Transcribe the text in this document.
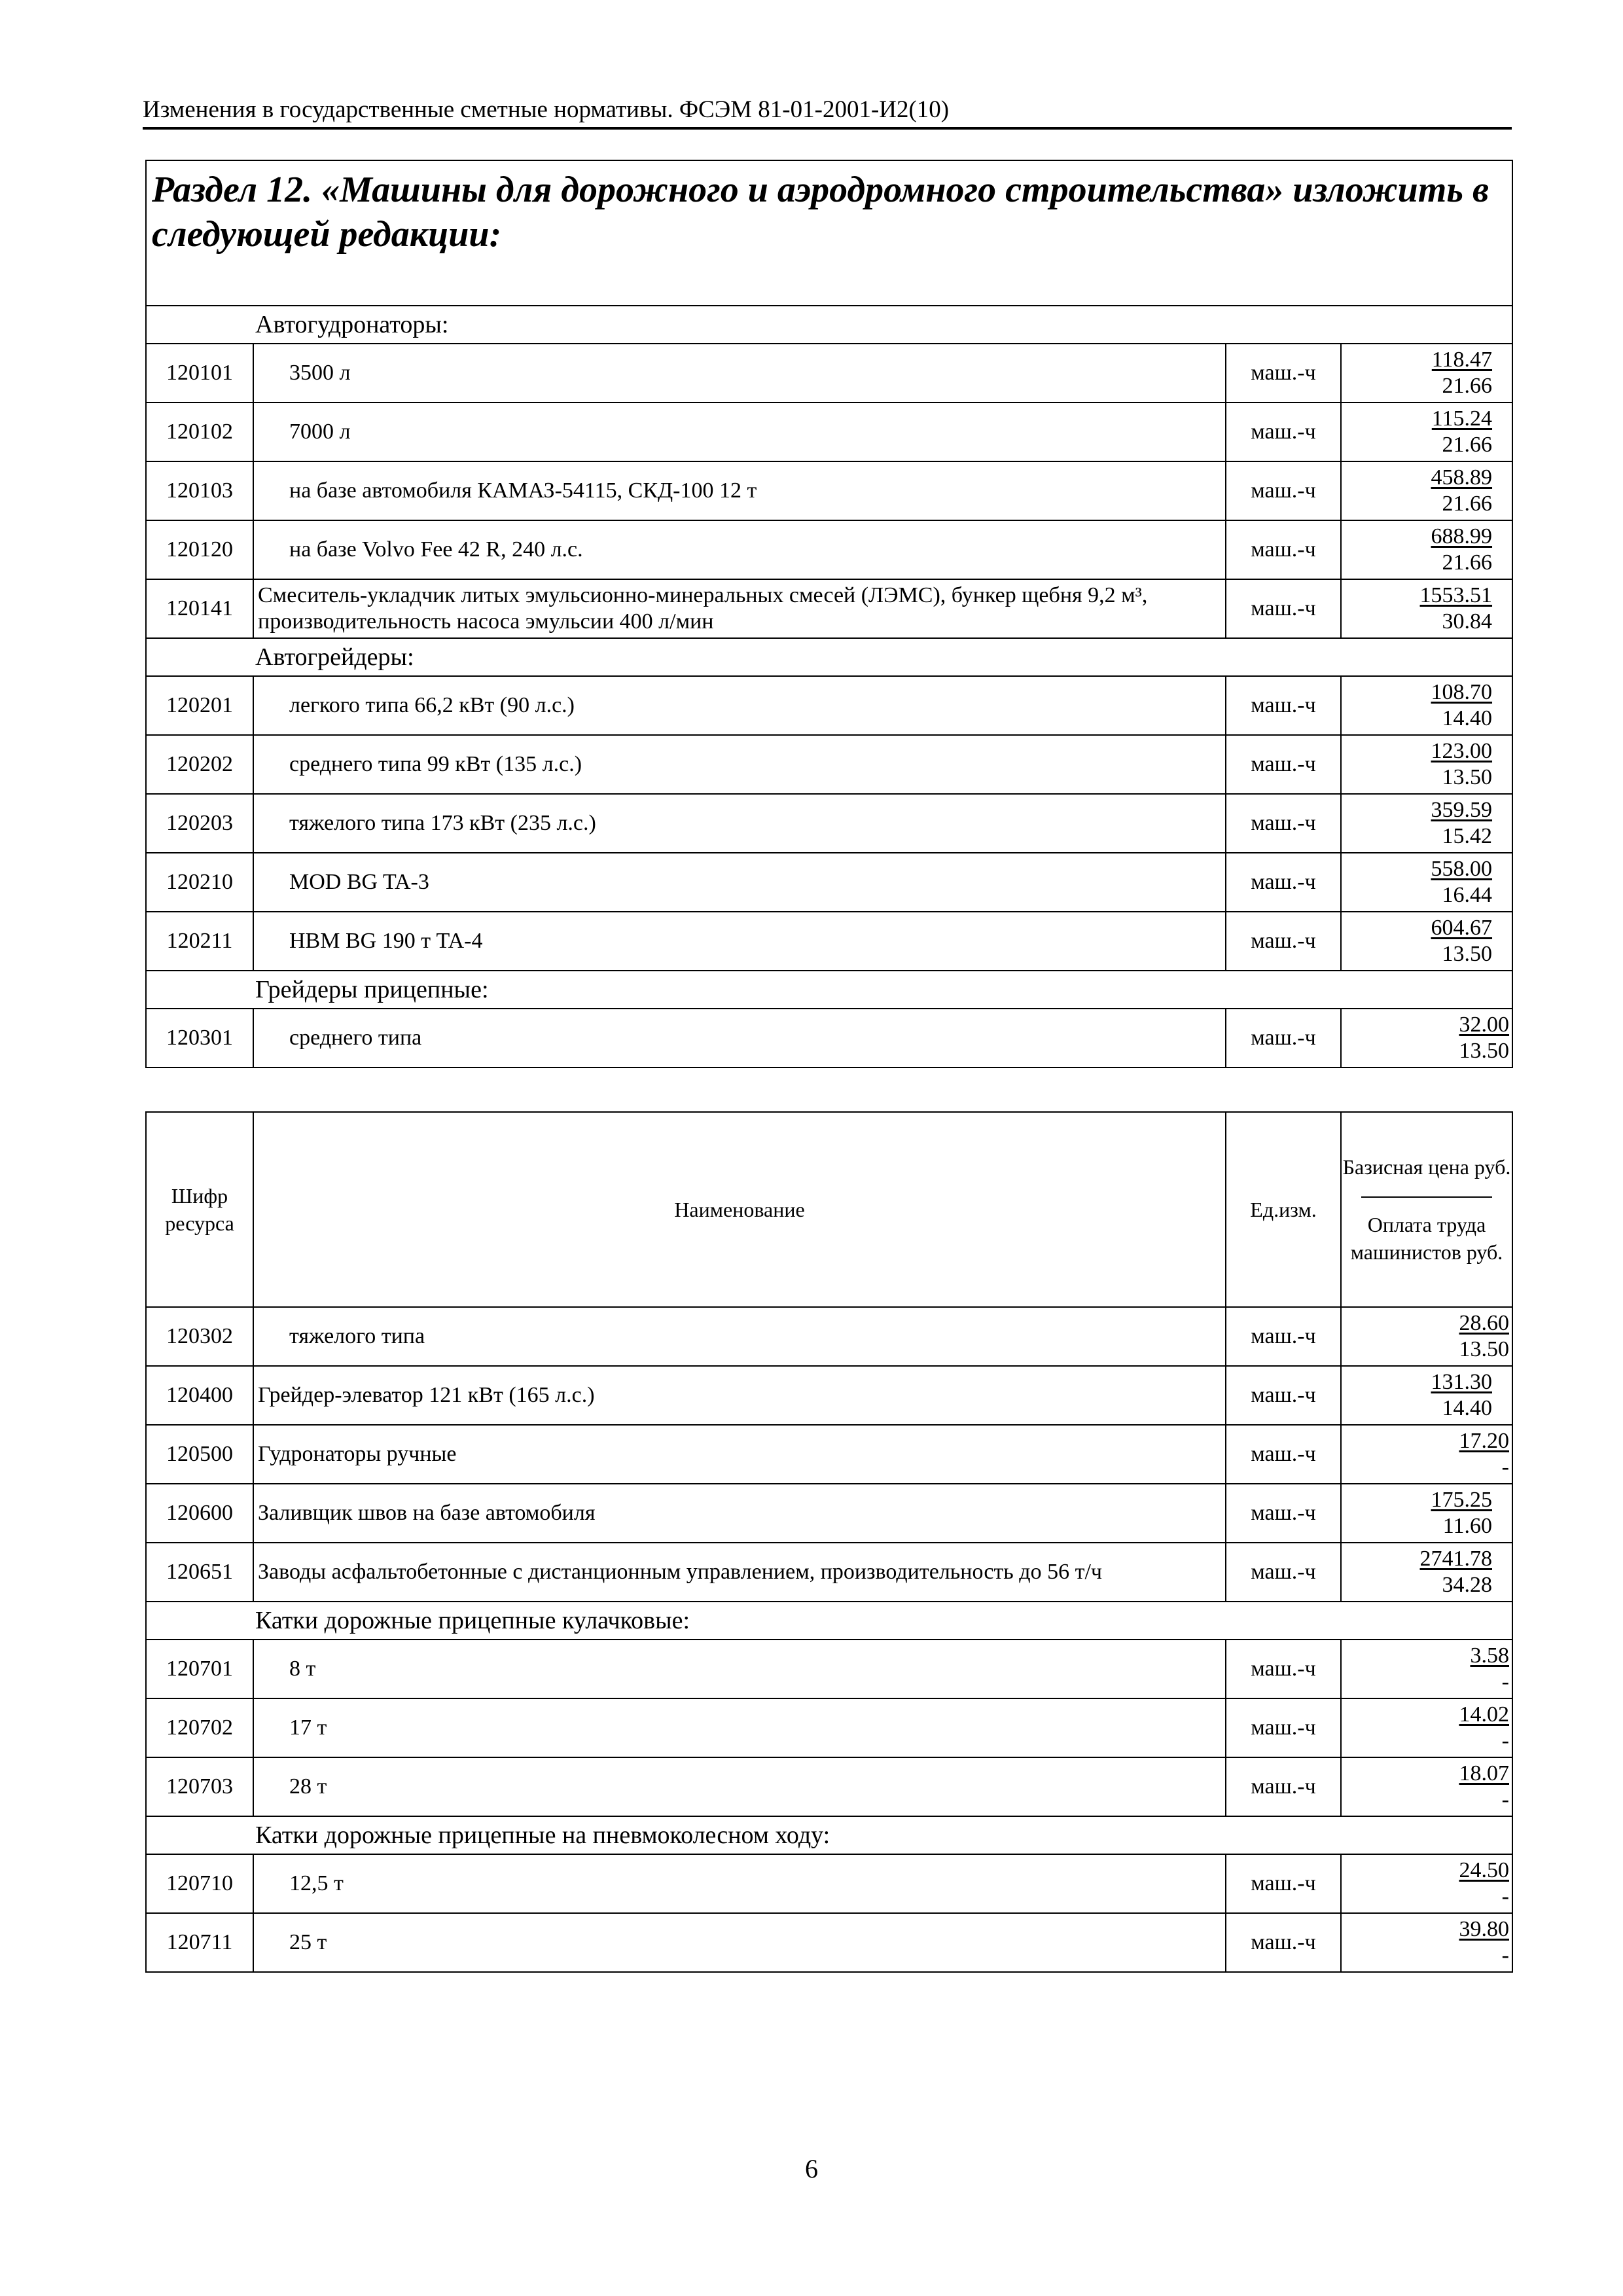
Изменения в государственные сметные нормативы. ФСЭМ 81-01-2001-И2(10)
Раздел 12. «Машины для дорожного и аэродромного строительства» изложить в следующей редакции:			
Автогудронаторы:			
120101	3500 л	маш.-ч	118.47
21.66

120102	7000 л	маш.-ч	115.24
21.66

120103	на базе автомобиля КАМАЗ-54115, СКД-100 12 т	маш.-ч	458.89
21.66

120120	на базе Volvo Fee 42 R, 240 л.с.	маш.-ч	688.99
21.66

120141	Смеситель-укладчик литых эмульсионно-минеральных смесей (ЛЭМС), бункер щебня 9,2 м³, производительность насоса эмульсии 400 л/мин	маш.-ч	1553.51
30.84

Автогрейдеры:			
120201	легкого типа 66,2 кВт (90 л.с.)	маш.-ч	108.70
14.40

120202	среднего типа 99 кВт (135 л.с.)	маш.-ч	123.00
13.50

120203	тяжелого типа 173 кВт (235 л.с.)	маш.-ч	359.59
15.42

120210	MOD BG TA-3	маш.-ч	558.00
16.44

120211	HBM BG 190 т TA-4	маш.-ч	604.67
13.50

Грейдеры прицепные:			
120301	среднего типа	маш.-ч	32.00
13.50
Шифр ресурса	Наименование	Ед.изм.	Базисная цена руб.
Оплата труда машинистов руб.

120302	тяжелого типа	маш.-ч	28.60
13.50

120400	Грейдер-элеватор 121 кВт (165 л.с.)	маш.-ч	131.30
14.40

120500	Гудронаторы ручные	маш.-ч	17.20
-

120600	Заливщик швов на базе автомобиля	маш.-ч	175.25
11.60

120651	Заводы асфальтобетонные с дистанционным управлением, производительность до 56 т/ч	маш.-ч	2741.78
34.28

Катки дорожные прицепные кулачковые:			
120701	8 т	маш.-ч	3.58
-

120702	17 т	маш.-ч	14.02
-

120703	28 т	маш.-ч	18.07
-

Катки дорожные прицепные на пневмоколесном ходу:			
120710	12,5 т	маш.-ч	24.50
-

120711	25 т	маш.-ч	39.80
-
6
